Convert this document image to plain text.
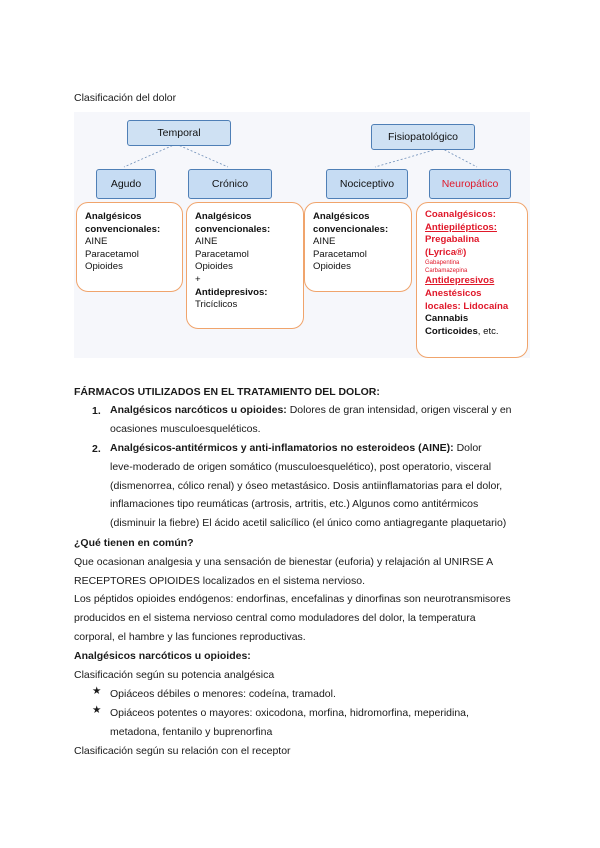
Clasificación del dolor
Temporal	Fisiopatológico
Agudo	Crónico	Nociceptivo	Neuropático
Analgésicos
convencionales:
AINE
Paracetamol
Opioides
Analgésicos
convencionales:
AINE
Paracetamol
Opioides
+
Antidepresivos:
Tricíclicos
Analgésicos
convencionales:
AINE
Paracetamol
Opioides
Coanalgésicos:
Antiepilépticos:
Pregabalina
(Lyrica®)
Gabapentina
Carbamazepina
Antidepresivos
Anestésicos
locales: Lidocaína
Cannabis
Corticoides, etc.
FÁRMACOS UTILIZADOS EN EL TRATAMIENTO DEL DOLOR:
1. Analgésicos narcóticos u opioides: Dolores de gran intensidad, origen visceral y en
ocasiones musculoesqueléticos.
2. Analgésicos-antitérmicos y anti-inflamatorios no esteroideos (AINE): Dolor
leve-moderado de origen somático (musculoesquelético), post operatorio, visceral
(dismenorrea, cólico renal) y óseo metastásico. Dosis antiinflamatorias para el dolor,
inflamaciones tipo reumáticas (artrosis, artritis, etc.) Algunos como antitérmicos
(disminuir la fiebre) El ácido acetil salicílico (el único como antiagregante plaquetario)
¿Qué tienen en común?
Que ocasionan analgesia y una sensación de bienestar (euforia) y relajación al UNIRSE A
RECEPTORES OPIOIDES localizados en el sistema nervioso.
Los péptidos opioides endógenos: endorfinas, encefalinas y dinorfinas son neurotransmisores
producidos en el sistema nervioso central como moduladores del dolor, la temperatura
corporal, el hambre y las funciones reproductivas.
Analgésicos narcóticos u opioides:
Clasificación según su potencia analgésica
★ Opiáceos débiles o menores: codeína, tramadol.
★ Opiáceos potentes o mayores: oxicodona, morfina, hidromorfina, meperidina,
metadona, fentanilo y buprenorfina
Clasificación según su relación con el receptor
